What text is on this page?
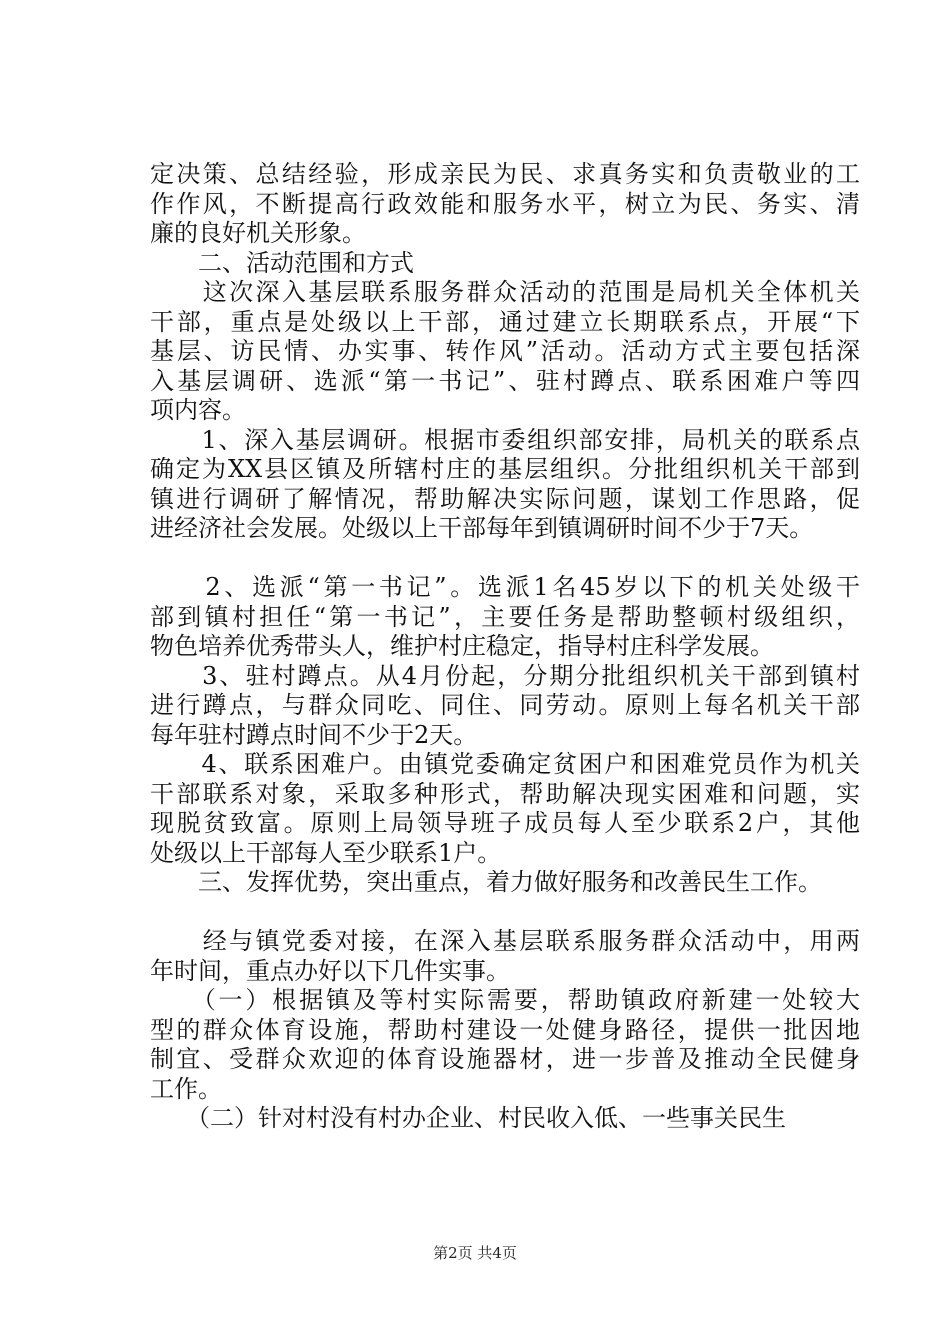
定决策、总结经验，形成亲民为民、求真务实和负责敬业的工
作作风，不断提高行政效能和服务水平，树立为民、务实、清
廉的良好机关形象。
　　二、活动范围和方式
　　这次深入基层联系服务群众活动的范围是局机关全体机关
干部，重点是处级以上干部，通过建立长期联系点，开展“下
基层、访民情、办实事、转作风”活动。活动方式主要包括深
入基层调研、选派“第一书记”、驻村蹲点、联系困难户等四
项内容。
　　1、深入基层调研。根据市委组织部安排，局机关的联系点
确定为XX县区镇及所辖村庄的基层组织。分批组织机关干部到
镇进行调研了解情况，帮助解决实际问题，谋划工作思路，促
进经济社会发展。处级以上干部每年到镇调研时间不少于7天。
　　2、选派“第一书记”。选派1名45岁以下的机关处级干
部到镇村担任“第一书记”，主要任务是帮助整顿村级组织，
物色培养优秀带头人，维护村庄稳定，指导村庄科学发展。
　　3、驻村蹲点。从4月份起，分期分批组织机关干部到镇村
进行蹲点，与群众同吃、同住、同劳动。原则上每名机关干部
每年驻村蹲点时间不少于2天。
　　4、联系困难户。由镇党委确定贫困户和困难党员作为机关
干部联系对象，采取多种形式，帮助解决现实困难和问题，实
现脱贫致富。原则上局领导班子成员每人至少联系2户，其他
处级以上干部每人至少联系1户。
　　三、发挥优势，突出重点，着力做好服务和改善民生工作。
　　经与镇党委对接，在深入基层联系服务群众活动中，用两
年时间，重点办好以下几件实事。
　　（一）根据镇及等村实际需要，帮助镇政府新建一处较大
型的群众体育设施，帮助村建设一处健身路径，提供一批因地
制宜、受群众欢迎的体育设施器材，进一步普及推动全民健身
工作。
　　（二）针对村没有村办企业、村民收入低、一些事关民生
第2页 共4页
